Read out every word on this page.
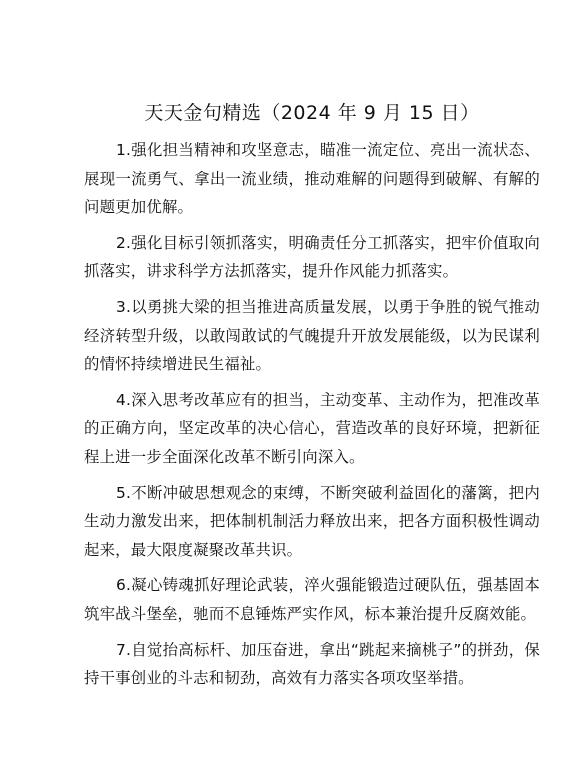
天天金句精选（2024 年 9 月 15 日）

1.强化担当精神和攻坚意志，瞄准一流定位、亮出一流状态、展现一流勇气、拿出一流业绩，推动难解的问题得到破解、有解的问题更加优解。

2.强化目标引领抓落实，明确责任分工抓落实，把牢价值取向抓落实，讲求科学方法抓落实，提升作风能力抓落实。

3.以勇挑大梁的担当推进高质量发展，以勇于争胜的锐气推动经济转型升级，以敢闯敢试的气魄提升开放发展能级，以为民谋利的情怀持续增进民生福祉。

4.深入思考改革应有的担当，主动变革、主动作为，把准改革的正确方向，坚定改革的决心信心，营造改革的良好环境，把新征程上进一步全面深化改革不断引向深入。

5.不断冲破思想观念的束缚，不断突破利益固化的藩篱，把内生动力激发出来，把体制机制活力释放出来，把各方面积极性调动起来，最大限度凝聚改革共识。

6.凝心铸魂抓好理论武装，淬火强能锻造过硬队伍，强基固本筑牢战斗堡垒，驰而不息锤炼严实作风，标本兼治提升反腐效能。

7.自觉抬高标杆、加压奋进，拿出“跳起来摘桃子”的拼劲，保持干事创业的斗志和韧劲，高效有力落实各项攻坚举措。
